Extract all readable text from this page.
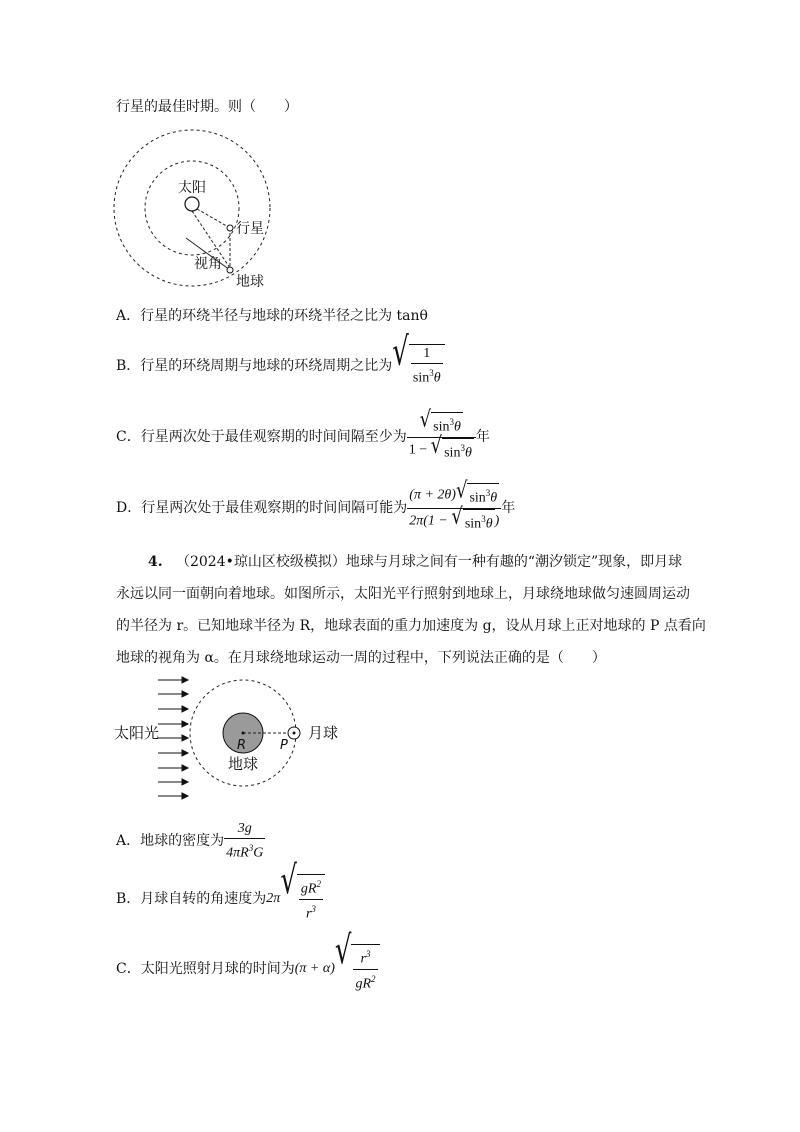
行星的最佳时期。则（　　）
太阳
行星
视角
地球
A．行星的环绕半径与地球的环绕半径之比为 tanθ
B．行星的环绕周期与地球的环绕周期之比为 √ $\frac{1}{\sin^3\theta}$
C．行星两次处于最佳观察期的时间间隔至少为 $\frac{√ \sin^3\theta}{1 - √ \sin^3\theta}$ 年
D．行星两次处于最佳观察期的时间间隔可能为 $\frac{(\pi + 2\theta) √ \sin^3\theta}{2\pi(1 - √ \sin^3\theta )}$ 年
4. （2024•琼山区校级模拟）地球与月球之间有一种有趣的“潮汐锁定”现象，即月球
永远以同一面朝向着地球。如图所示，太阳光平行照射到地球上，月球绕地球做匀速圆周运动
的半径为 r。已知地球半径为 R，地球表面的重力加速度为 g，设从月球上正对地球的 P 点看向
地球的视角为 α。在月球绕地球运动一周的过程中，下列说法正确的是（　　）
太阳光
R	P
月球
地球
A．地球的密度为 $\frac{3g}{4\pi R^3G}$
B．月球自转的角速度为 2π √ $\frac{gR^2}{r^3}$
C．太阳光照射月球的时间为 (π + α) √ $\frac{r^3}{gR^2}$
